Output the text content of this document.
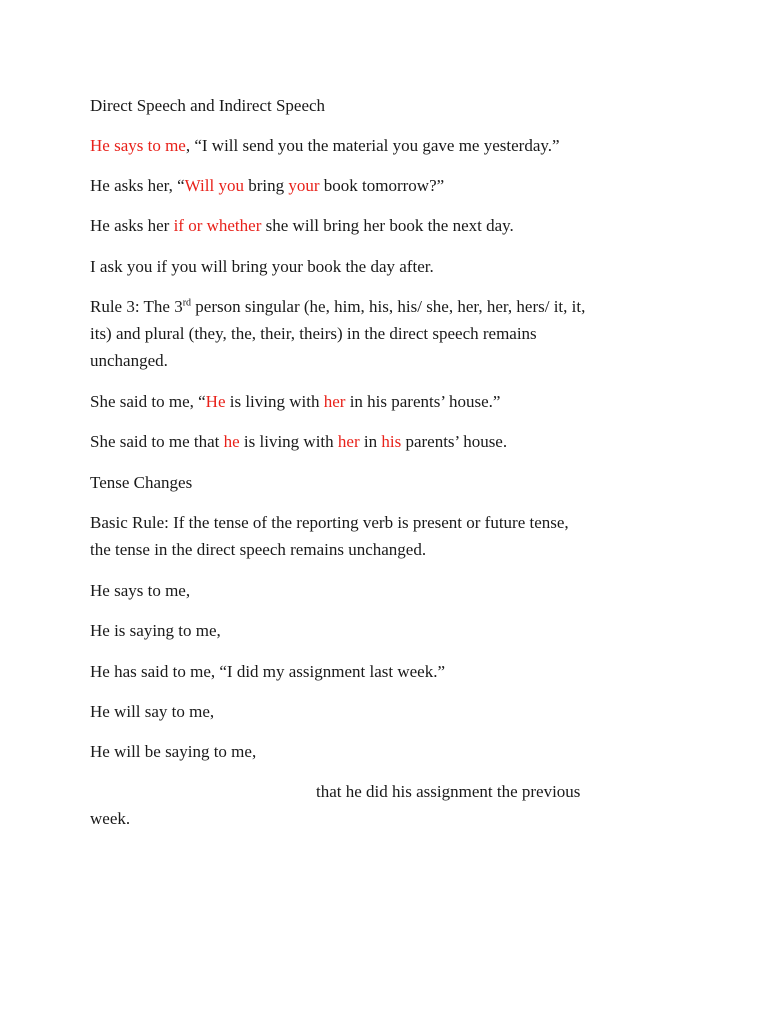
Direct Speech and Indirect Speech
He says to me, “I will send you the material you gave me yesterday.”
He asks her, “Will you bring your book tomorrow?”
He asks her if or whether she will bring her book the next day.
I ask you if you will bring your book the day after.
Rule 3: The 3rd person singular (he, him, his, his/ she, her, her, hers/ it, it,
its) and plural (they, the, their, theirs) in the direct speech remains
unchanged.
She said to me, “He is living with her in his parents’ house.”
She said to me that he is living with her in his parents’ house.
Tense Changes
Basic Rule: If the tense of the reporting verb is present or future tense,
the tense in the direct speech remains unchanged.
He says to me,
He is saying to me,
He has said to me, “I did my assignment last week.”
He will say to me,
He will be saying to me,
that he did his assignment the previous
week.
